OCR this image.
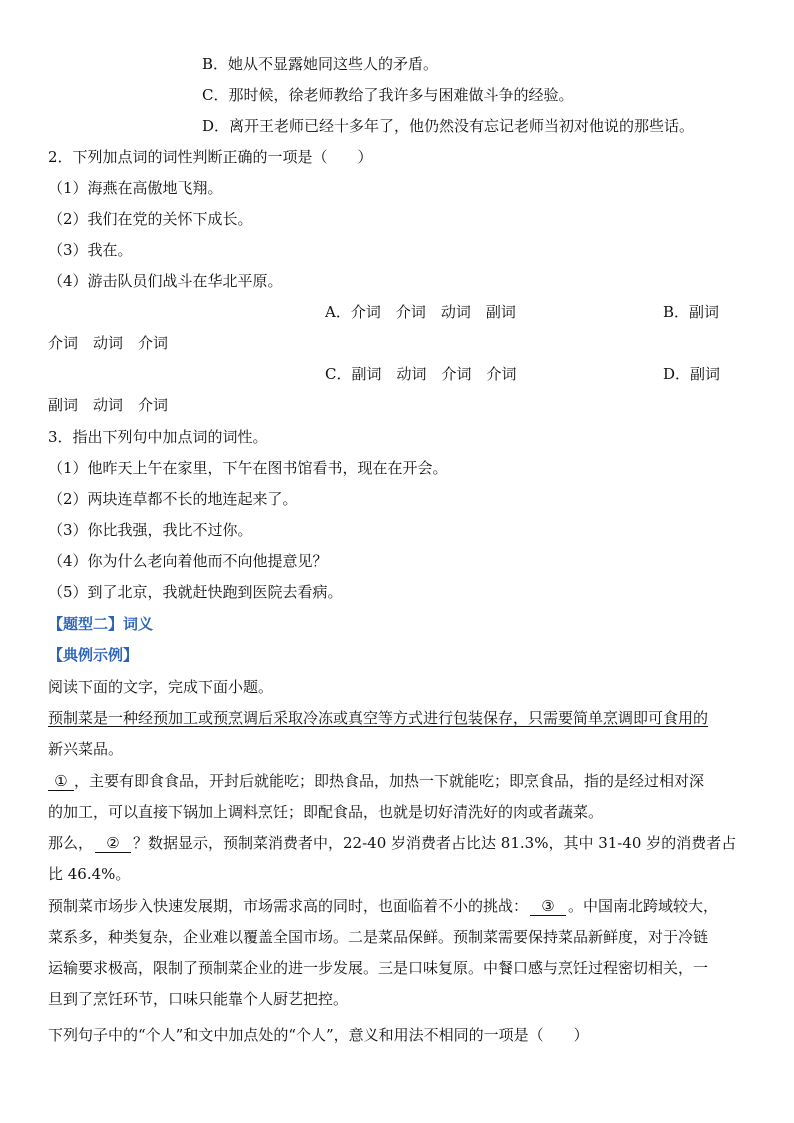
B．她从不显露她同这些人的矛盾。
C．那时候，徐老师教给了我许多与困难做斗争的经验。
D．离开王老师已经十多年了，他仍然没有忘记老师当初对他说的那些话。
2．下列加点词的词性判断正确的一项是（　　）
（1）海燕在高傲地飞翔。
（2）我们在党的关怀下成长。
（3）我在。
（4）游击队员们战斗在华北平原。
A．介词　介词　动词　副词	B．副词
介词　动词　介词
C．副词　动词　介词　介词	D．副词
副词　动词　介词
3．指出下列句中加点词的词性。
（1）他昨天上午在家里，下午在图书馆看书，现在在开会。
（2）两块连草都不长的地连起来了。
（3）你比我强，我比不过你。
（4）你为什么老向着他而不向他提意见？
（5）到了北京，我就赶快跑到医院去看病。
【题型二】词义
【典例示例】
阅读下面的文字，完成下面小题。
预制菜是一种经预加工或预烹调后采取冷冻或真空等方式进行包装保存，只需要简单烹调即可食用的
新兴菜品。
① ，主要有即食食品，开封后就能吃；即热食品，加热一下就能吃；即烹食品，指的是经过相对深
的加工，可以直接下锅加上调料烹饪；即配食品，也就是切好清洗好的肉或者蔬菜。
那么， ② ？数据显示，预制菜消费者中，22-40 岁消费者占比达 81.3%，其中 31-40 岁的消费者占
比 46.4%。
预制菜市场步入快速发展期，市场需求高的同时，也面临着不小的挑战： ③ 。中国南北跨域较大，
菜系多，种类复杂，企业难以覆盖全国市场。二是菜品保鲜。预制菜需要保持菜品新鲜度，对于冷链
运输要求极高，限制了预制菜企业的进一步发展。三是口味复原。中餐口感与烹饪过程密切相关，一
旦到了烹饪环节，口味只能靠个人厨艺把控。
下列句子中的“个人”和文中加点处的“个人”，意义和用法不相同的一项是（　　）
